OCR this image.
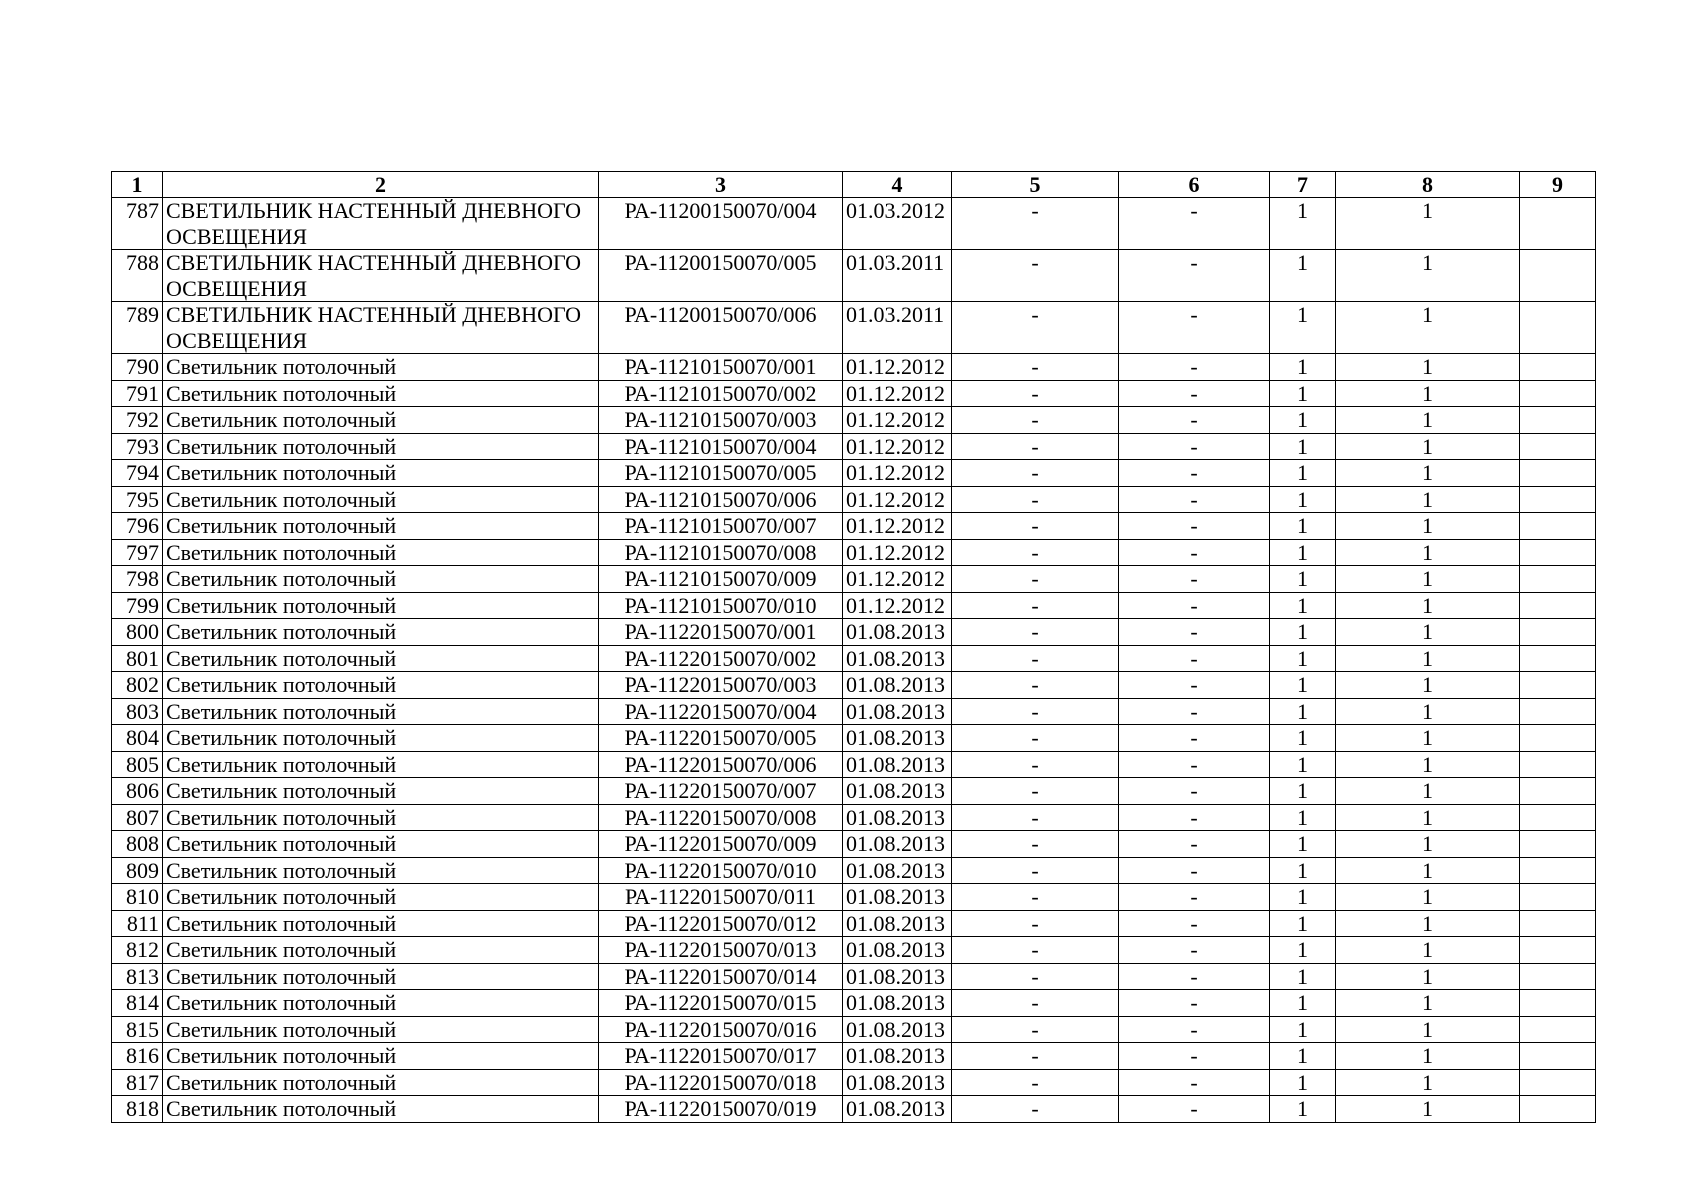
1	2	3	4	5	6	7	8	9
787	СВЕТИЛЬНИК НАСТЕННЫЙ ДНЕВНОГО ОСВЕЩЕНИЯ	РА-11200150070/004	01.03.2012	-	-	1	1	
788	СВЕТИЛЬНИК НАСТЕННЫЙ ДНЕВНОГО ОСВЕЩЕНИЯ	РА-11200150070/005	01.03.2011	-	-	1	1	
789	СВЕТИЛЬНИК НАСТЕННЫЙ ДНЕВНОГО ОСВЕЩЕНИЯ	РА-11200150070/006	01.03.2011	-	-	1	1	
790	Светильник потолочный	РА-11210150070/001	01.12.2012	-	-	1	1	
791	Светильник потолочный	РА-11210150070/002	01.12.2012	-	-	1	1	
792	Светильник потолочный	РА-11210150070/003	01.12.2012	-	-	1	1	
793	Светильник потолочный	РА-11210150070/004	01.12.2012	-	-	1	1	
794	Светильник потолочный	РА-11210150070/005	01.12.2012	-	-	1	1	
795	Светильник потолочный	РА-11210150070/006	01.12.2012	-	-	1	1	
796	Светильник потолочный	РА-11210150070/007	01.12.2012	-	-	1	1	
797	Светильник потолочный	РА-11210150070/008	01.12.2012	-	-	1	1	
798	Светильник потолочный	РА-11210150070/009	01.12.2012	-	-	1	1	
799	Светильник потолочный	РА-11210150070/010	01.12.2012	-	-	1	1	
800	Светильник потолочный	РА-11220150070/001	01.08.2013	-	-	1	1	
801	Светильник потолочный	РА-11220150070/002	01.08.2013	-	-	1	1	
802	Светильник потолочный	РА-11220150070/003	01.08.2013	-	-	1	1	
803	Светильник потолочный	РА-11220150070/004	01.08.2013	-	-	1	1	
804	Светильник потолочный	РА-11220150070/005	01.08.2013	-	-	1	1	
805	Светильник потолочный	РА-11220150070/006	01.08.2013	-	-	1	1	
806	Светильник потолочный	РА-11220150070/007	01.08.2013	-	-	1	1	
807	Светильник потолочный	РА-11220150070/008	01.08.2013	-	-	1	1	
808	Светильник потолочный	РА-11220150070/009	01.08.2013	-	-	1	1	
809	Светильник потолочный	РА-11220150070/010	01.08.2013	-	-	1	1	
810	Светильник потолочный	РА-11220150070/011	01.08.2013	-	-	1	1	
811	Светильник потолочный	РА-11220150070/012	01.08.2013	-	-	1	1	
812	Светильник потолочный	РА-11220150070/013	01.08.2013	-	-	1	1	
813	Светильник потолочный	РА-11220150070/014	01.08.2013	-	-	1	1	
814	Светильник потолочный	РА-11220150070/015	01.08.2013	-	-	1	1	
815	Светильник потолочный	РА-11220150070/016	01.08.2013	-	-	1	1	
816	Светильник потолочный	РА-11220150070/017	01.08.2013	-	-	1	1	
817	Светильник потолочный	РА-11220150070/018	01.08.2013	-	-	1	1	
818	Светильник потолочный	РА-11220150070/019	01.08.2013	-	-	1	1	
